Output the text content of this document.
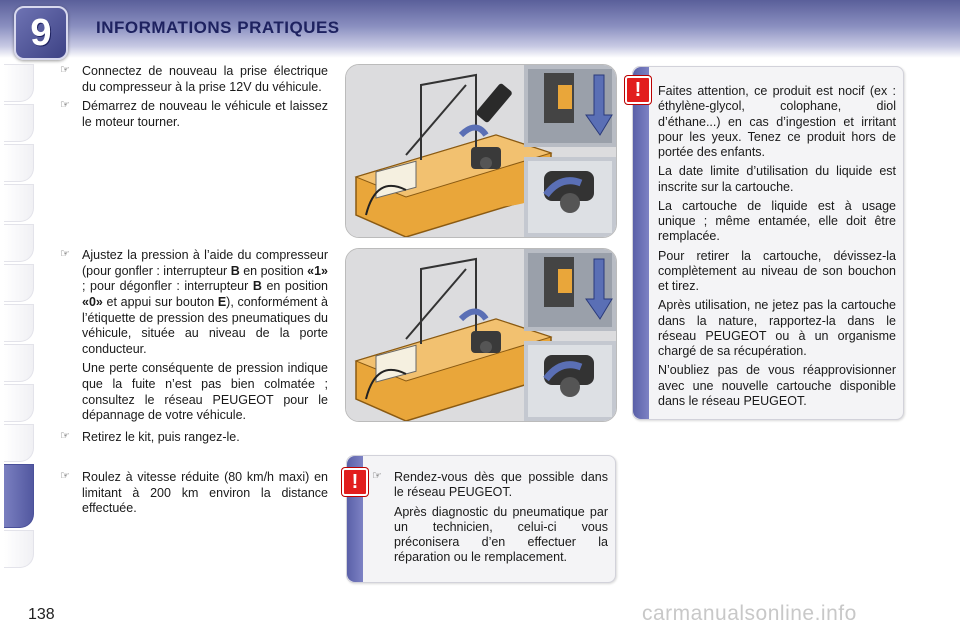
9	INFORMATIONS PRATIQUES
☞ Connectez de nouveau la prise électrique du compresseur à la prise 12V du véhicule.
☞ Démarrez de nouveau le véhicule et laissez le moteur tourner.
☞ Ajustez la pression à l’aide du compresseur (pour gonfler : interrupteur B en position «1» ; pour dégonfler : interrupteur B en position «0» et appui sur bouton E), conformément à l’étiquette de pression des pneumatiques du véhicule, située au niveau de la porte conducteur.

Une perte conséquente de pression indique que la fuite n’est pas bien colmatée ; consultez le réseau PEUGEOT pour le dépannage de votre véhicule.

☞ Retirez le kit, puis rangez-le.
☞ Roulez à vitesse réduite (80 km/h maxi) en limitant à 200 km environ la distance effectuée.
!	Faites attention, ce produit est nocif (ex : éthylène-glycol, colophane, diol d’éthane...) en cas d’ingestion et irritant pour les yeux. Tenez ce produit hors de portée des enfants.

La date limite d’utilisation du liquide est inscrite sur la cartouche.

La cartouche de liquide est à usage unique ; même entamée, elle doit être remplacée.

Pour retirer la cartouche, dévissez-la complètement au niveau de son bouchon et tirez.

Après utilisation, ne jetez pas la cartouche dans la nature, rapportez-la dans le réseau PEUGEOT ou à un organisme chargé de sa récupération.

N’oubliez pas de vous réapprovisionner avec une nouvelle cartouche disponible dans le réseau PEUGEOT.

!	☞ Rendez-vous dès que possible dans le réseau PEUGEOT.

Après diagnostic du pneumatique par un technicien, celui-ci vous préconisera d’en effectuer la réparation ou le remplacement.

138	carmanualsonline.info
